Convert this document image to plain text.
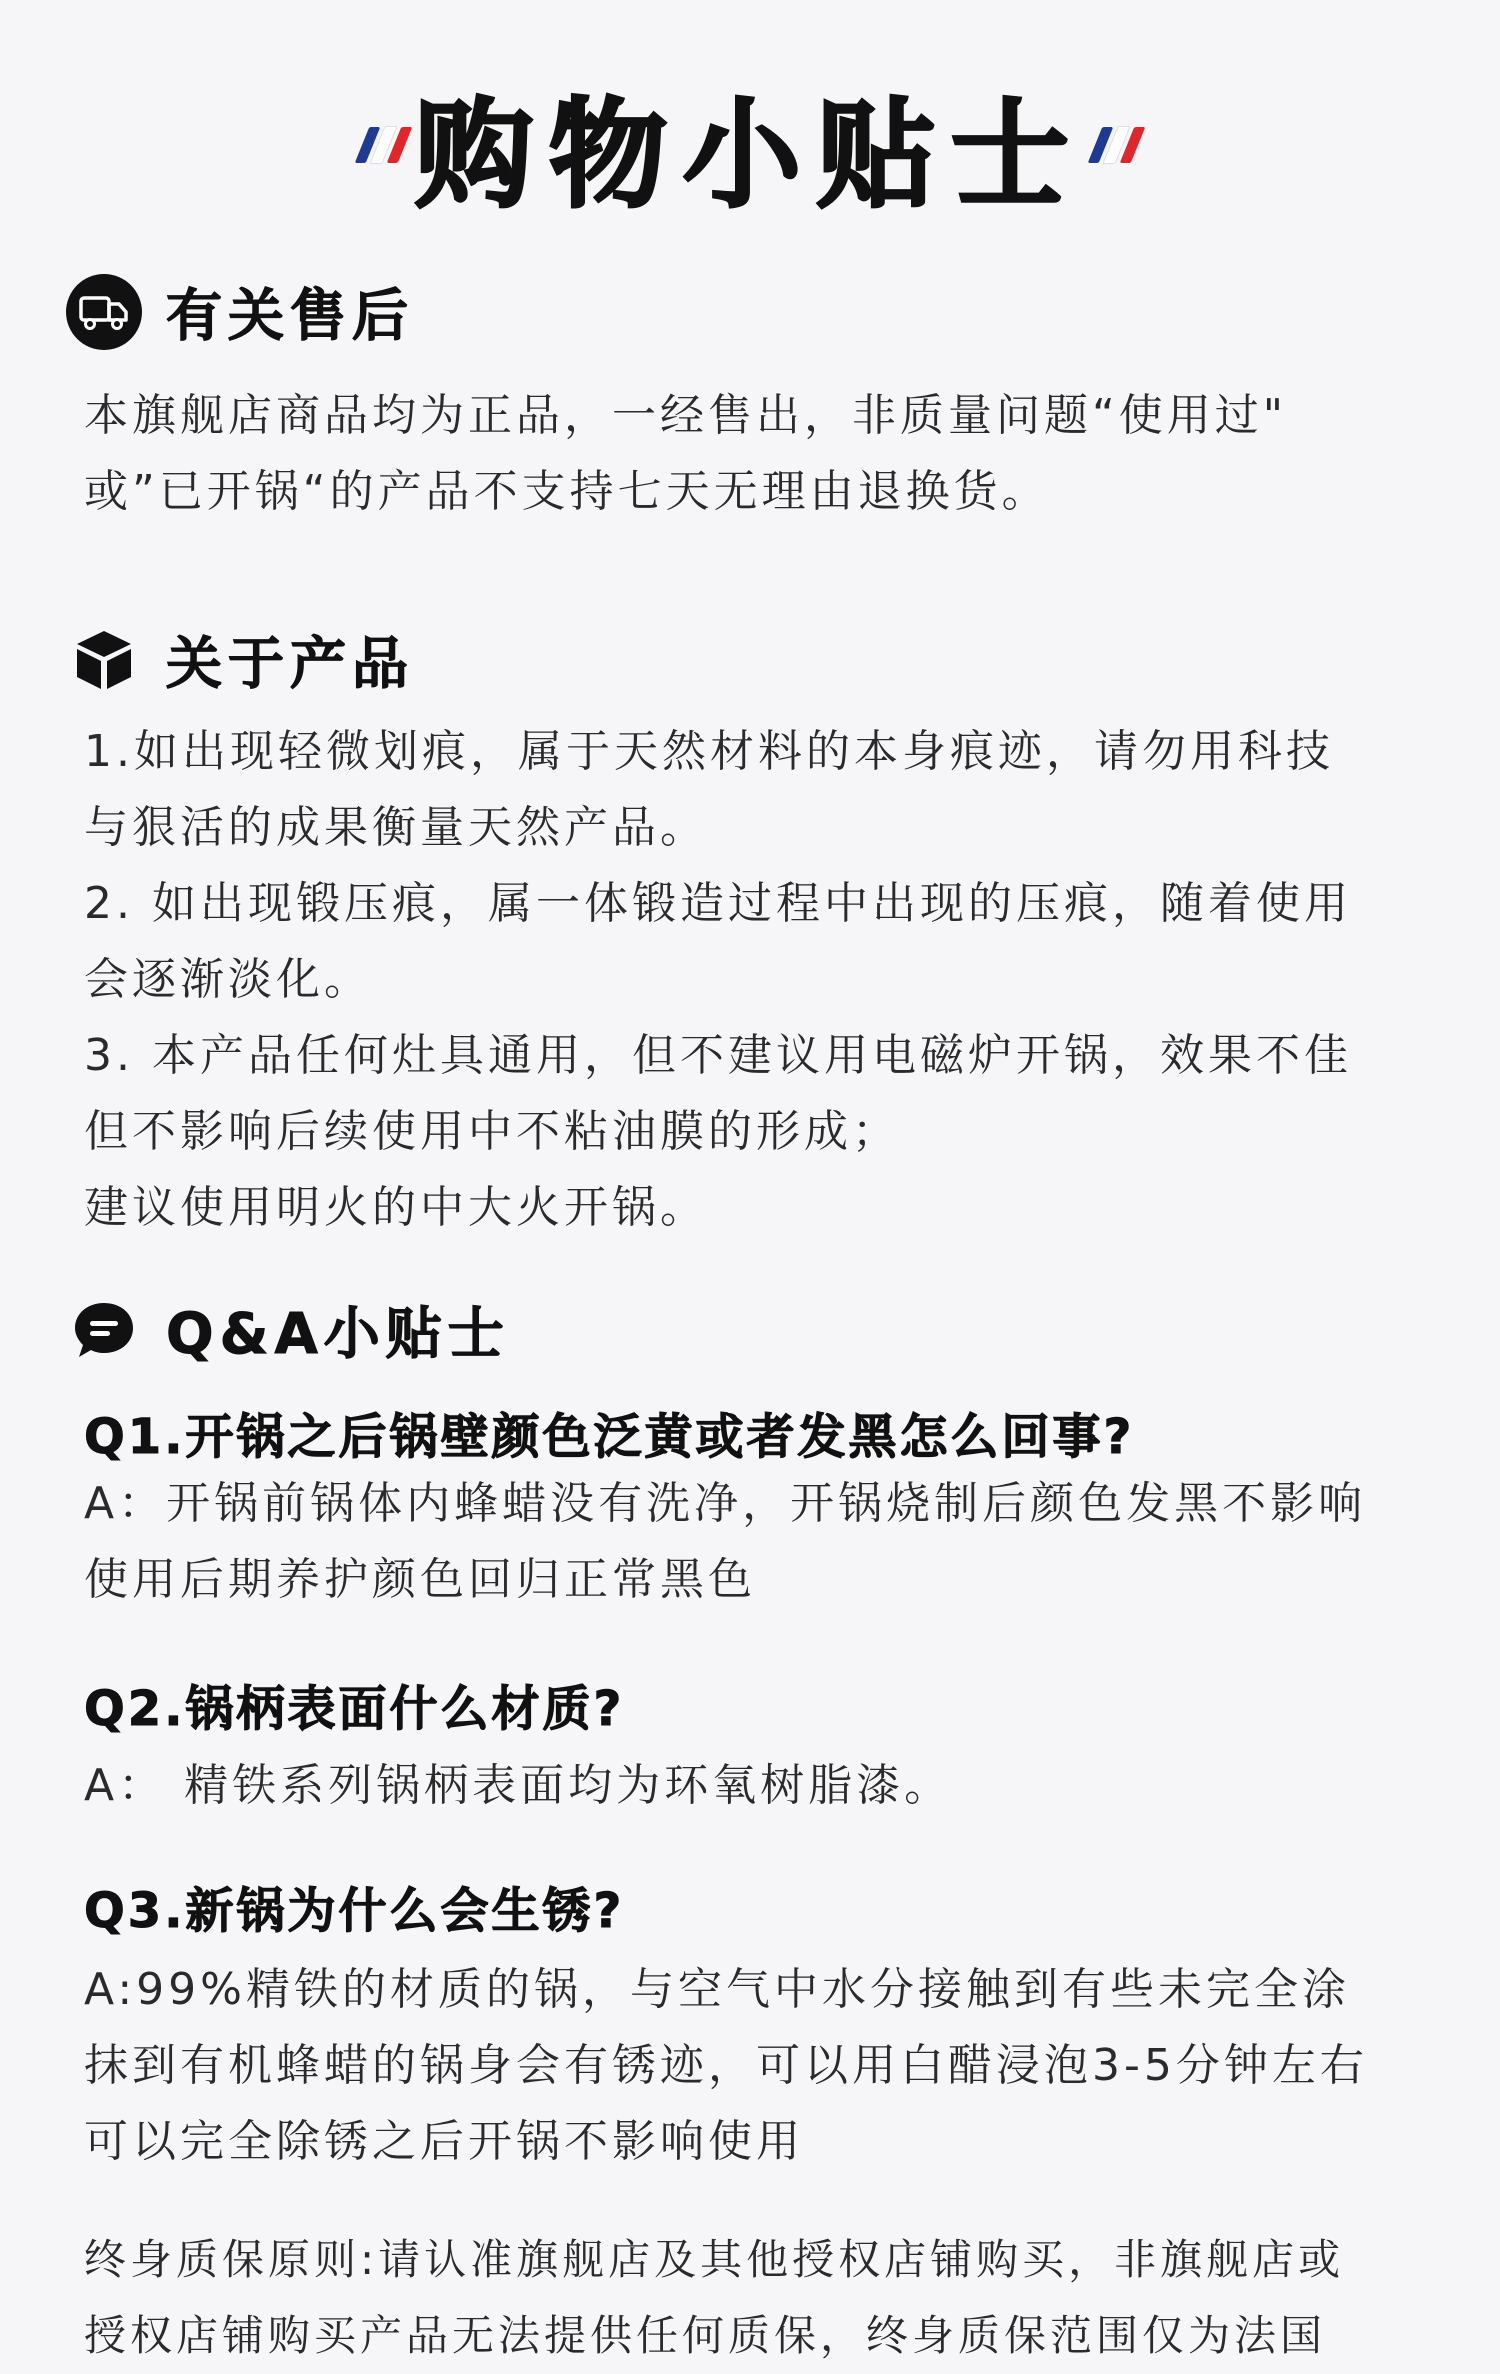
购物小贴士
有关售后

本旗舰店商品均为正品，一经售出，非质量问题“使用过"
或”已开锅“的产品不支持七天无理由退换货。

关于产品

1.如出现轻微划痕，属于天然材料的本身痕迹，请勿用科技
与狠活的成果衡量天然产品。
2. 如出现锻压痕，属一体锻造过程中出现的压痕，随着使用
会逐渐淡化。
3. 本产品任何灶具通用，但不建议用电磁炉开锅，效果不佳
但不影响后续使用中不粘油膜的形成；
建议使用明火的中大火开锅。

Q&A小贴士
Q1.开锅之后锅壁颜色泛黄或者发黑怎么回事?

A：开锅前锅体内蜂蜡没有洗净，开锅烧制后颜色发黑不影响
使用后期养护颜色回归正常黑色

Q2.锅柄表面什么材质?

A： 精铁系列锅柄表面均为环氧树脂漆。

Q3.新锅为什么会生锈?

A:99%精铁的材质的锅，与空气中水分接触到有些未完全涂
抹到有机蜂蜡的锅身会有锈迹，可以用白醋浸泡3-5分钟左右
可以完全除锈之后开锅不影响使用

终身质保原则:请认准旗舰店及其他授权店铺购买，非旗舰店或
授权店铺购买产品无法提供任何质保，终身质保范围仅为法国
